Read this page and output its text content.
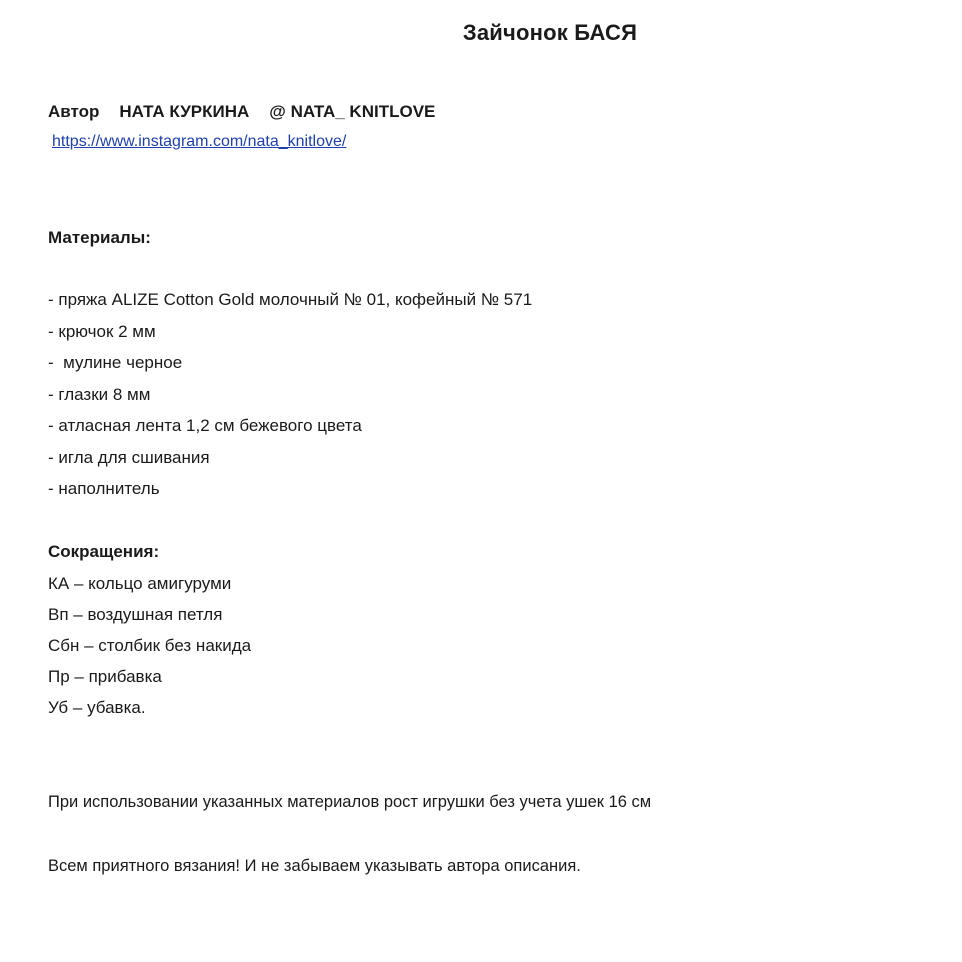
Зайчонок БАСЯ
Автор НАТА КУРКИНА @ NATA_ KNITLOVE
https://www.instagram.com/nata_knitlove/
Материалы:
- пряжа ALIZE Cotton Gold молочный № 01, кофейный № 571
- крючок 2 мм
-  мулине черное
- глазки 8 мм
- атласная лента 1,2 см бежевого цвета
- игла для сшивания
- наполнитель
Сокращения:
КА – кольцо амигуруми
Вп – воздушная петля
Сбн – столбик без накида
Пр – прибавка
Уб – убавка.
При использовании указанных материалов рост игрушки без учета ушек 16 см
Всем приятного вязания! И не забываем указывать автора описания.
